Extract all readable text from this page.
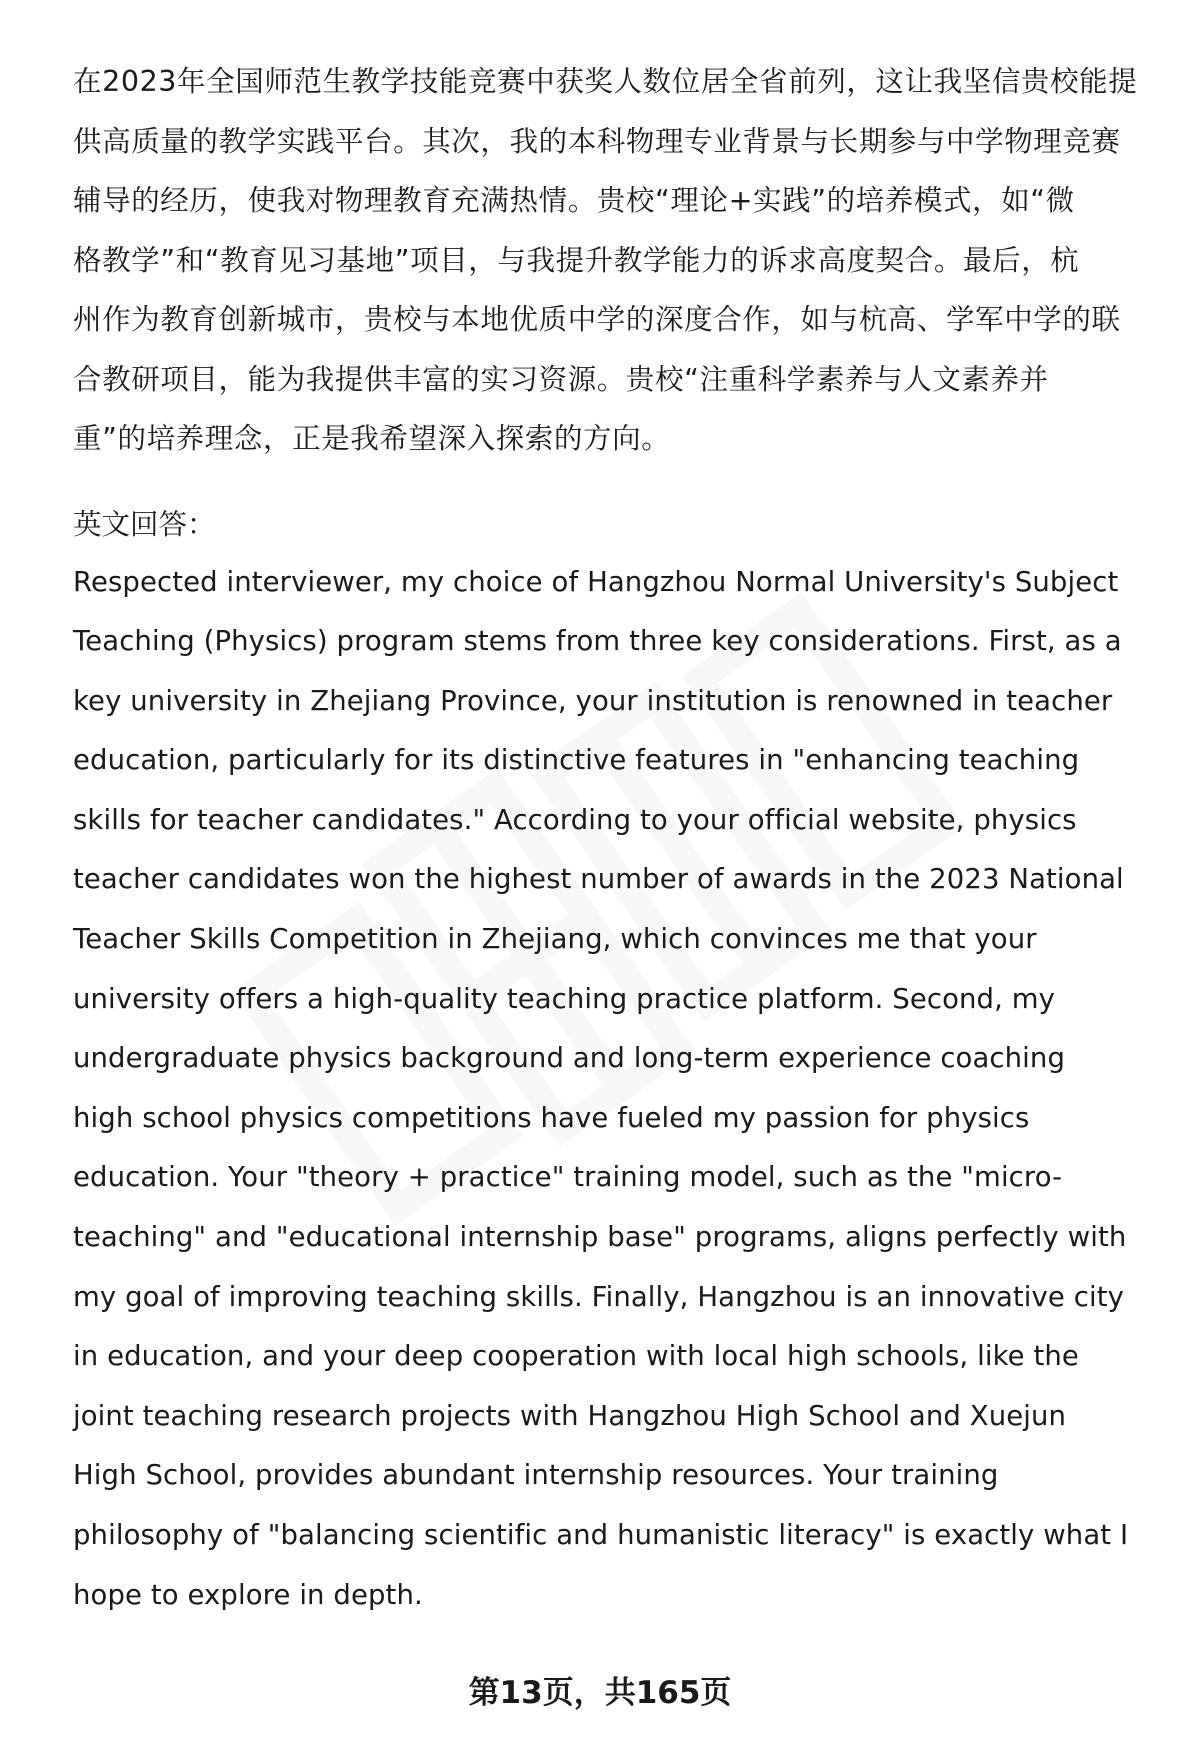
在2023年全国师范生教学技能竞赛中获奖人数位居全省前列，这让我坚信贵校能提
供高质量的教学实践平台。其次，我的本科物理专业背景与长期参与中学物理竞赛
辅导的经历，使我对物理教育充满热情。贵校“理论+实践”的培养模式，如“微
格教学”和“教育见习基地”项目，与我提升教学能力的诉求高度契合。最后，杭
州作为教育创新城市，贵校与本地优质中学的深度合作，如与杭高、学军中学的联
合教研项目，能为我提供丰富的实习资源。贵校“注重科学素养与人文素养并
重”的培养理念，正是我希望深入探索的方向。
英文回答：
Respected interviewer, my choice of Hangzhou Normal University's Subject
Teaching (Physics) program stems from three key considerations. First, as a
key university in Zhejiang Province, your institution is renowned in teacher
education, particularly for its distinctive features in "enhancing teaching
skills for teacher candidates." According to your official website, physics
teacher candidates won the highest number of awards in the 2023 National
Teacher Skills Competition in Zhejiang, which convinces me that your
university offers a high-quality teaching practice platform. Second, my
undergraduate physics background and long-term experience coaching
high school physics competitions have fueled my passion for physics
education. Your "theory + practice" training model, such as the "micro-
teaching" and "educational internship base" programs, aligns perfectly with
my goal of improving teaching skills. Finally, Hangzhou is an innovative city
in education, and your deep cooperation with local high schools, like the
joint teaching research projects with Hangzhou High School and Xuejun
High School, provides abundant internship resources. Your training
philosophy of "balancing scientific and humanistic literacy" is exactly what I
hope to explore in depth.
第13页，共165页
